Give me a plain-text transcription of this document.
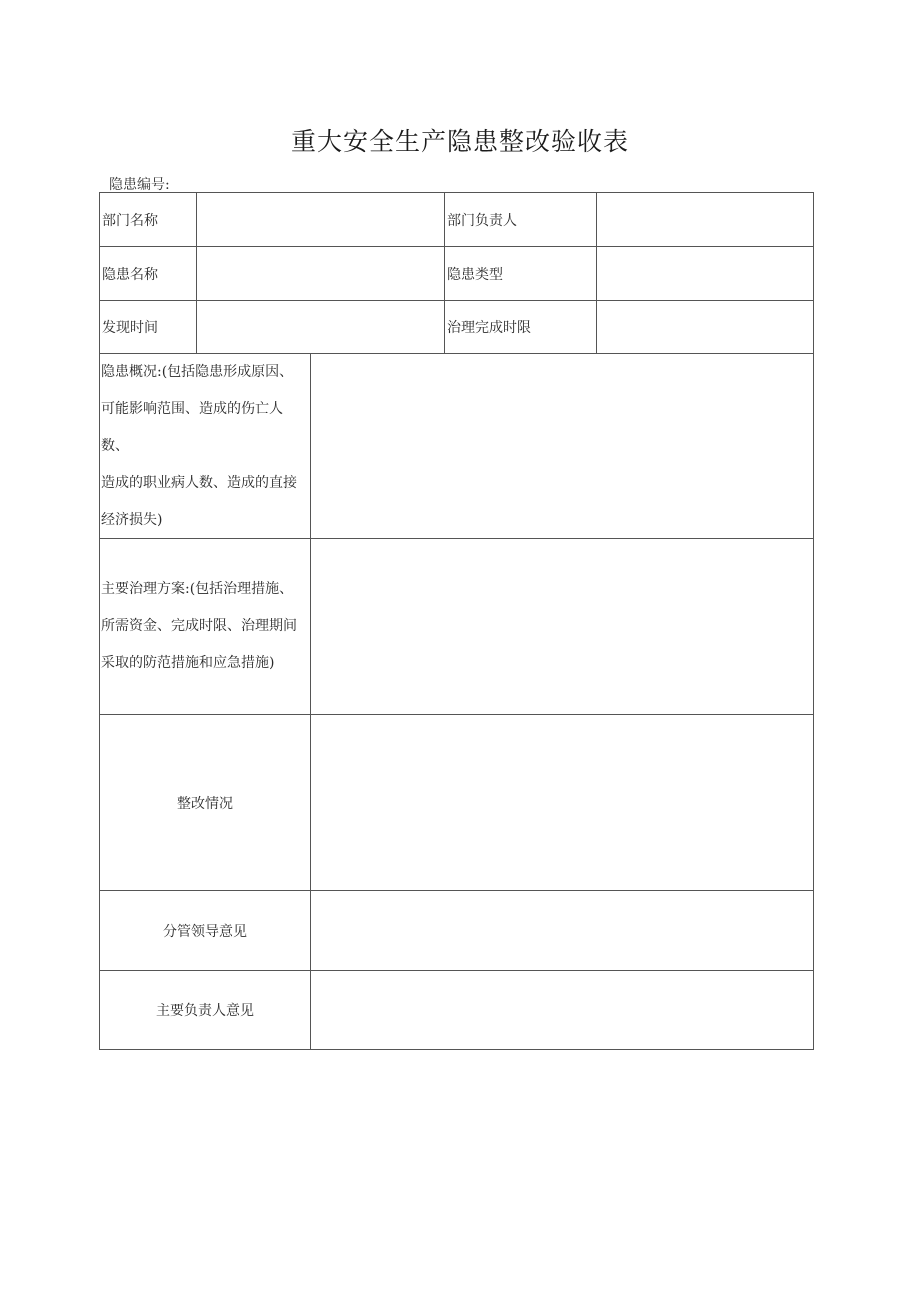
重大安全生产隐患整改验收表
隐患编号:
部门名称	部门负责人
隐患名称	隐患类型
发现时间	治理完成时限
隐患概况:(包括隐患形成原因、
可能影响范围、造成的伤亡人数、
造成的职业病人数、造成的直接
经济损失)
主要治理方案:(包括治理措施、
所需资金、完成时限、治理期间
采取的防范措施和应急措施)
整改情况
分管领导意见
主要负责人意见
